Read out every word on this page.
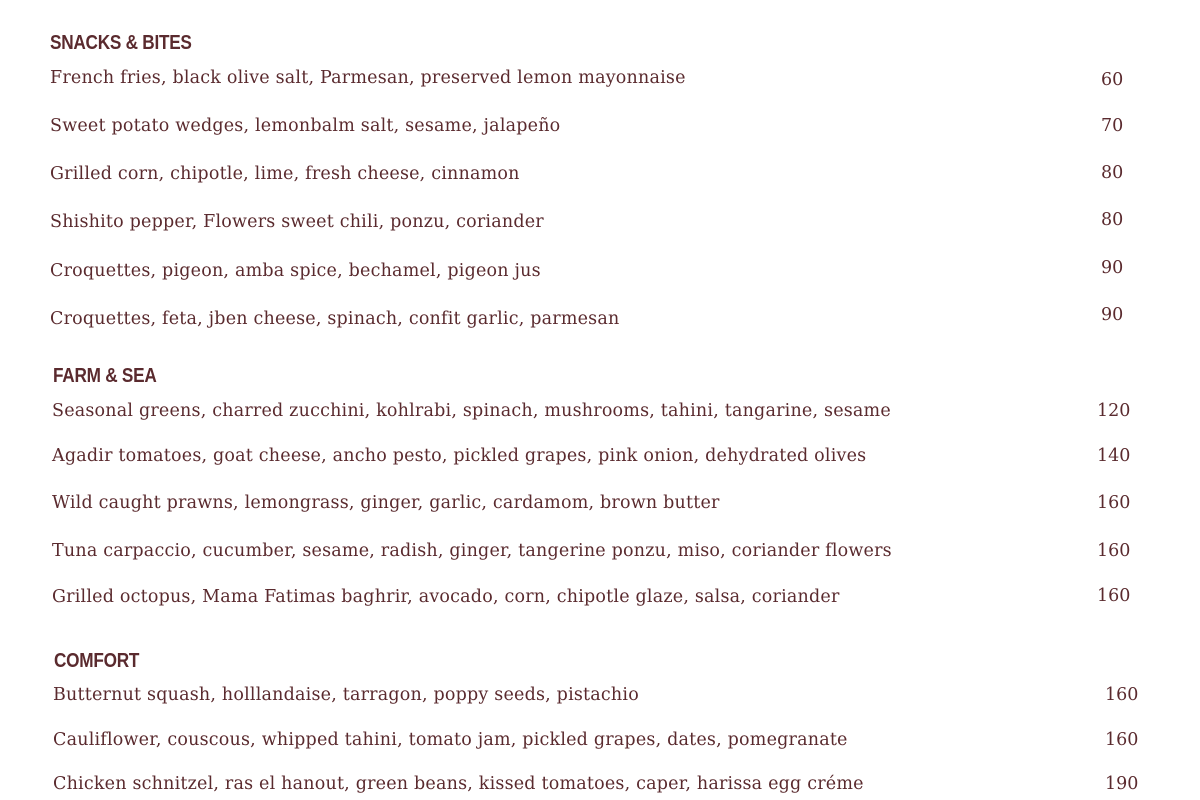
SNACKS & BITES
French fries, black olive salt, Parmesan, preserved lemon mayonnaise	60
Sweet potato wedges, lemonbalm salt, sesame, jalapeño	70
Grilled corn, chipotle, lime, fresh cheese, cinnamon	80
Shishito pepper, Flowers sweet chili, ponzu, coriander	80
Croquettes, pigeon, amba spice, bechamel, pigeon jus	90
Croquettes, feta, jben cheese, spinach, confit garlic, parmesan	90
FARM & SEA
Seasonal greens, charred zucchini, kohlrabi, spinach, mushrooms, tahini, tangarine, sesame	120
Agadir tomatoes, goat cheese, ancho pesto, pickled grapes, pink onion, dehydrated olives	140
Wild caught prawns, lemongrass, ginger, garlic, cardamom, brown butter	160
Tuna carpaccio, cucumber, sesame, radish, ginger, tangerine ponzu, miso, coriander flowers	160
Grilled octopus, Mama Fatimas baghrir, avocado, corn, chipotle glaze, salsa, coriander	160
COMFORT
Butternut squash, holllandaise, tarragon, poppy seeds, pistachio	160
Cauliflower, couscous, whipped tahini, tomato jam, pickled grapes, dates, pomegranate	160
Chicken schnitzel, ras el hanout, green beans, kissed tomatoes, caper, harissa egg créme	190
